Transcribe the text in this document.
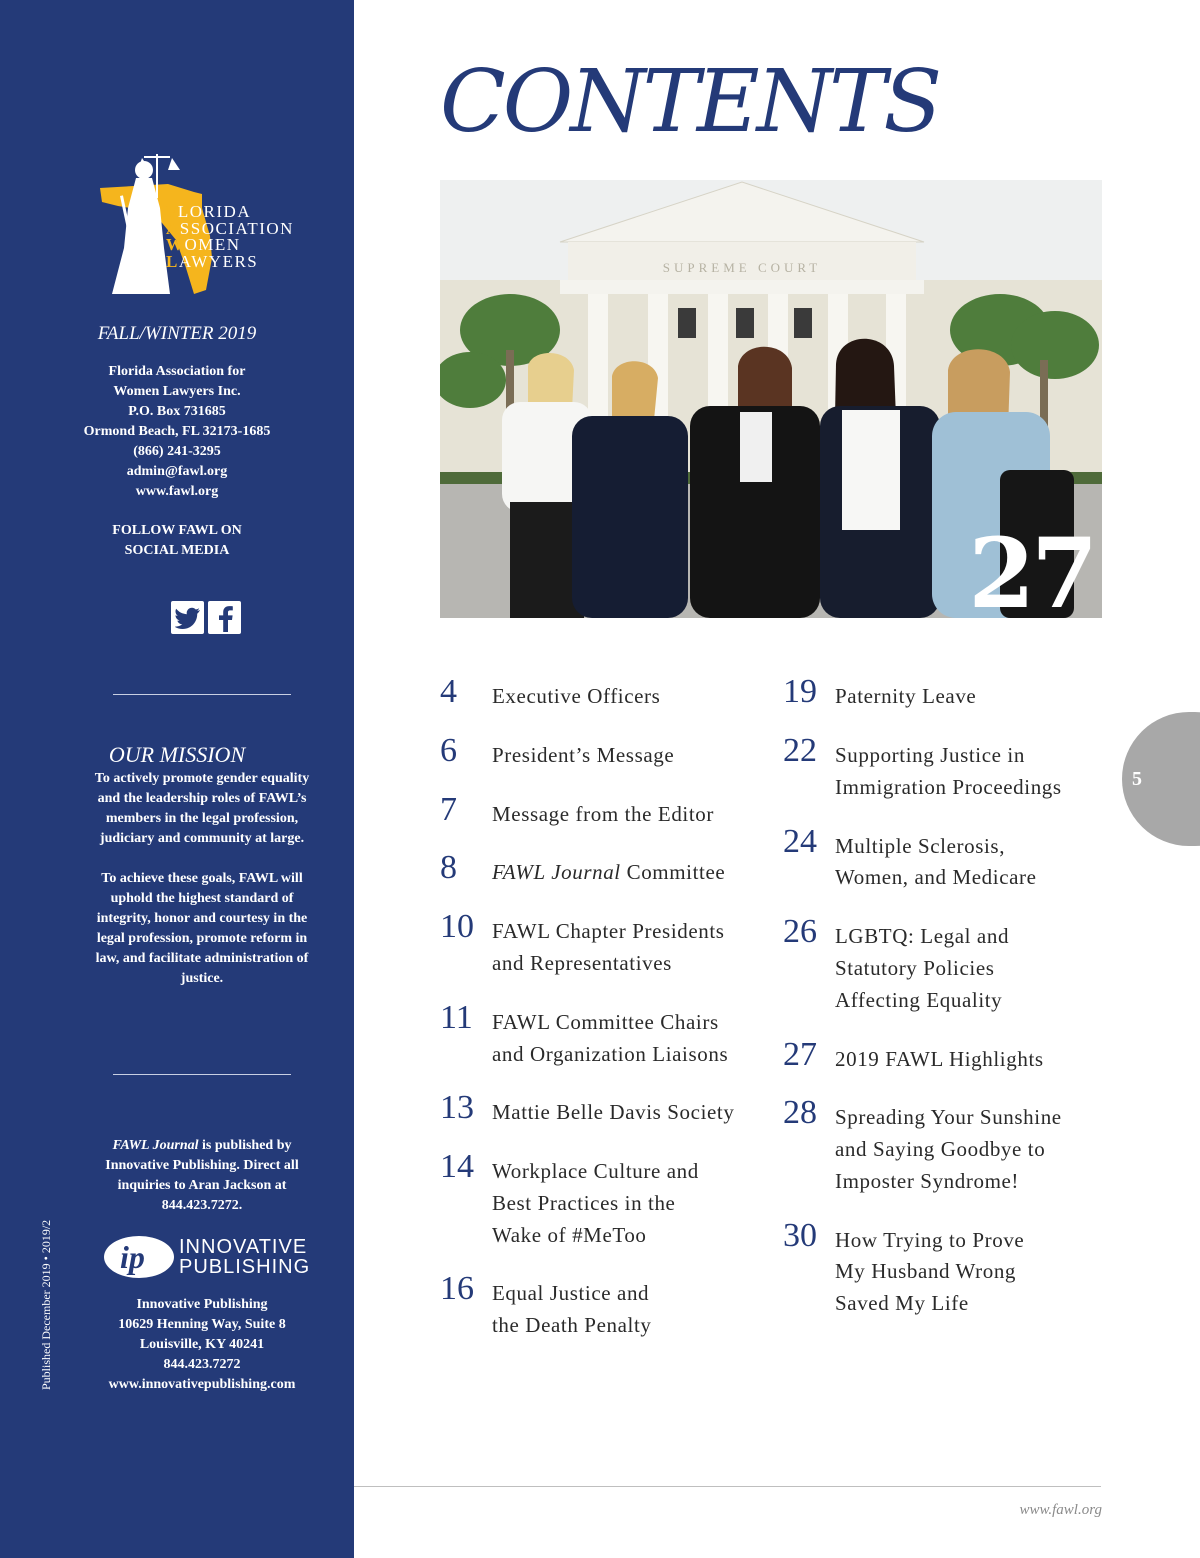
FLORIDA
ASSOCIATION
WOMEN
LAWYERS
FALL/WINTER 2019
Florida Association for
Women Lawyers Inc.
P.O. Box 731685
Ormond Beach, FL 32173-1685
(866) 241-3295
admin@fawl.org
www.fawl.org
FOLLOW FAWL ON
SOCIAL MEDIA
OUR MISSION

To actively promote gender equality and the leadership roles of FAWL’s members in the legal profession, judiciary and community at large.

To achieve these goals, FAWL will uphold the highest standard of integrity, honor and courtesy in the legal profession, promote reform in law, and facilitate administration of justice.

FAWL Journal is published by Innovative Publishing. Direct all inquiries to Aran Jackson at 844.423.7272.
ip INNOVATIVE
PUBLISHING
Innovative Publishing
10629 Henning Way, Suite 8
Louisville, KY 40241
844.423.7272
www.innovativepublishing.com
Published December 2019 • 2019/2
CONTENTS
SUPREME COURT
27
4 Executive Officers
6 President’s Message
7 Message from the Editor
8 FAWL Journal Committee
10 FAWL Chapter Presidents
and Representatives
11 FAWL Committee Chairs
and Organization Liaisons
13 Mattie Belle Davis Society
14 Workplace Culture and
Best Practices in the
Wake of #MeToo
16 Equal Justice and
the Death Penalty
19 Paternity Leave
22 Supporting Justice in
Immigration Proceedings
24 Multiple Sclerosis,
Women, and Medicare
26 LGBTQ: Legal and
Statutory Policies
Affecting Equality
27 2019 FAWL Highlights
28 Spreading Your Sunshine
and Saying Goodbye to
Imposter Syndrome!
30 How Trying to Prove
My Husband Wrong
Saved My Life
5
www.fawl.org
